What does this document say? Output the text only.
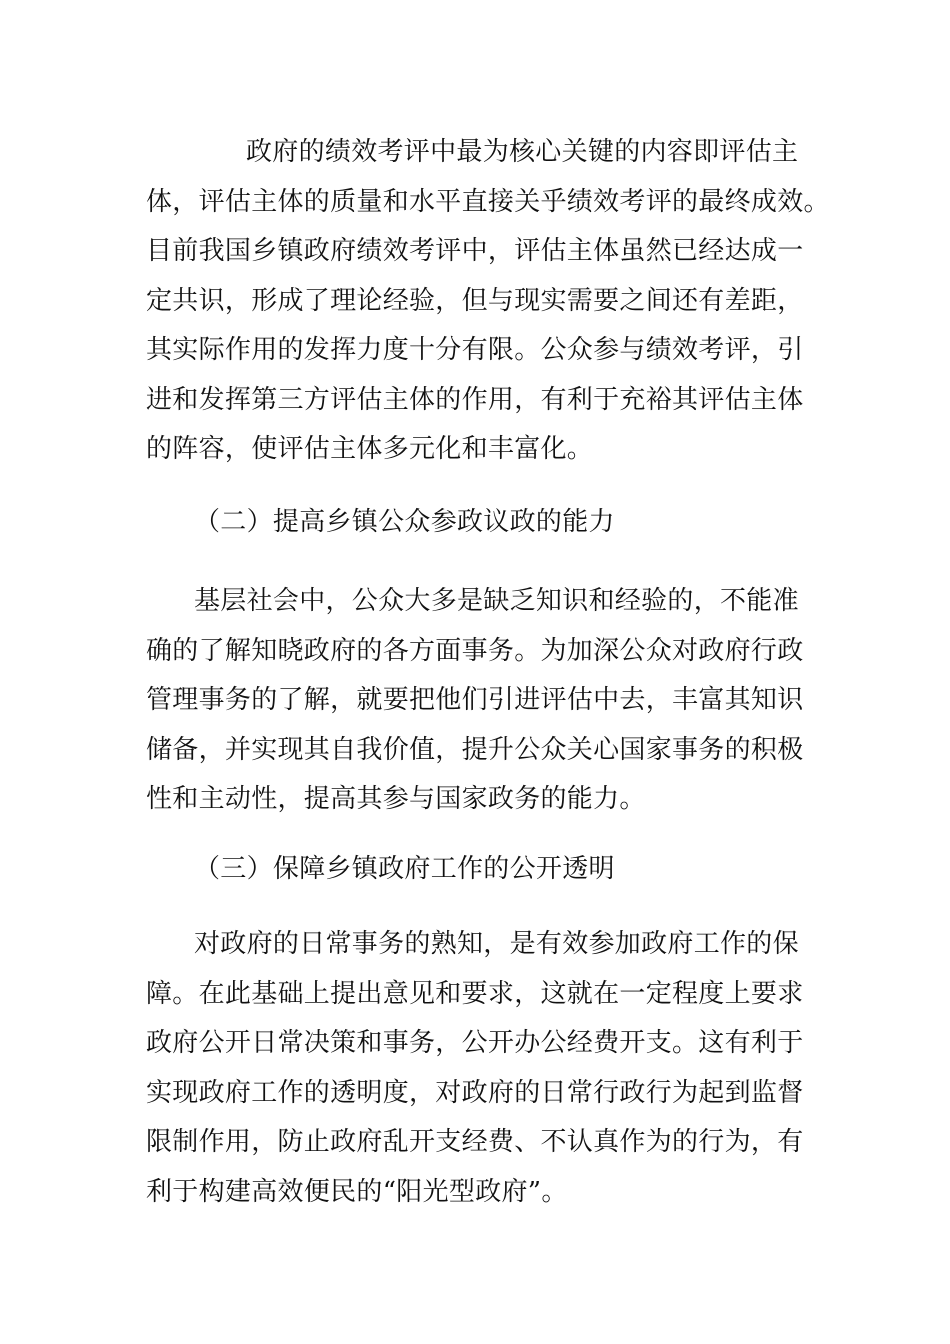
政府的绩效考评中最为核心关键的内容即评估主
体，评估主体的质量和水平直接关乎绩效考评的最终成效。
目前我国乡镇政府绩效考评中，评估主体虽然已经达成一
定共识，形成了理论经验，但与现实需要之间还有差距，
其实际作用的发挥力度十分有限。公众参与绩效考评，引
进和发挥第三方评估主体的作用，有利于充裕其评估主体
的阵容，使评估主体多元化和丰富化。
（二）提高乡镇公众参政议政的能力
基层社会中，公众大多是缺乏知识和经验的，不能准
确的了解知晓政府的各方面事务。为加深公众对政府行政
管理事务的了解，就要把他们引进评估中去，丰富其知识
储备，并实现其自我价值，提升公众关心国家事务的积极
性和主动性，提高其参与国家政务的能力。
（三）保障乡镇政府工作的公开透明
对政府的日常事务的熟知，是有效参加政府工作的保
障。在此基础上提出意见和要求，这就在一定程度上要求
政府公开日常决策和事务，公开办公经费开支。这有利于
实现政府工作的透明度，对政府的日常行政行为起到监督
限制作用，防止政府乱开支经费、不认真作为的行为，有
利于构建高效便民的“阳光型政府”。
